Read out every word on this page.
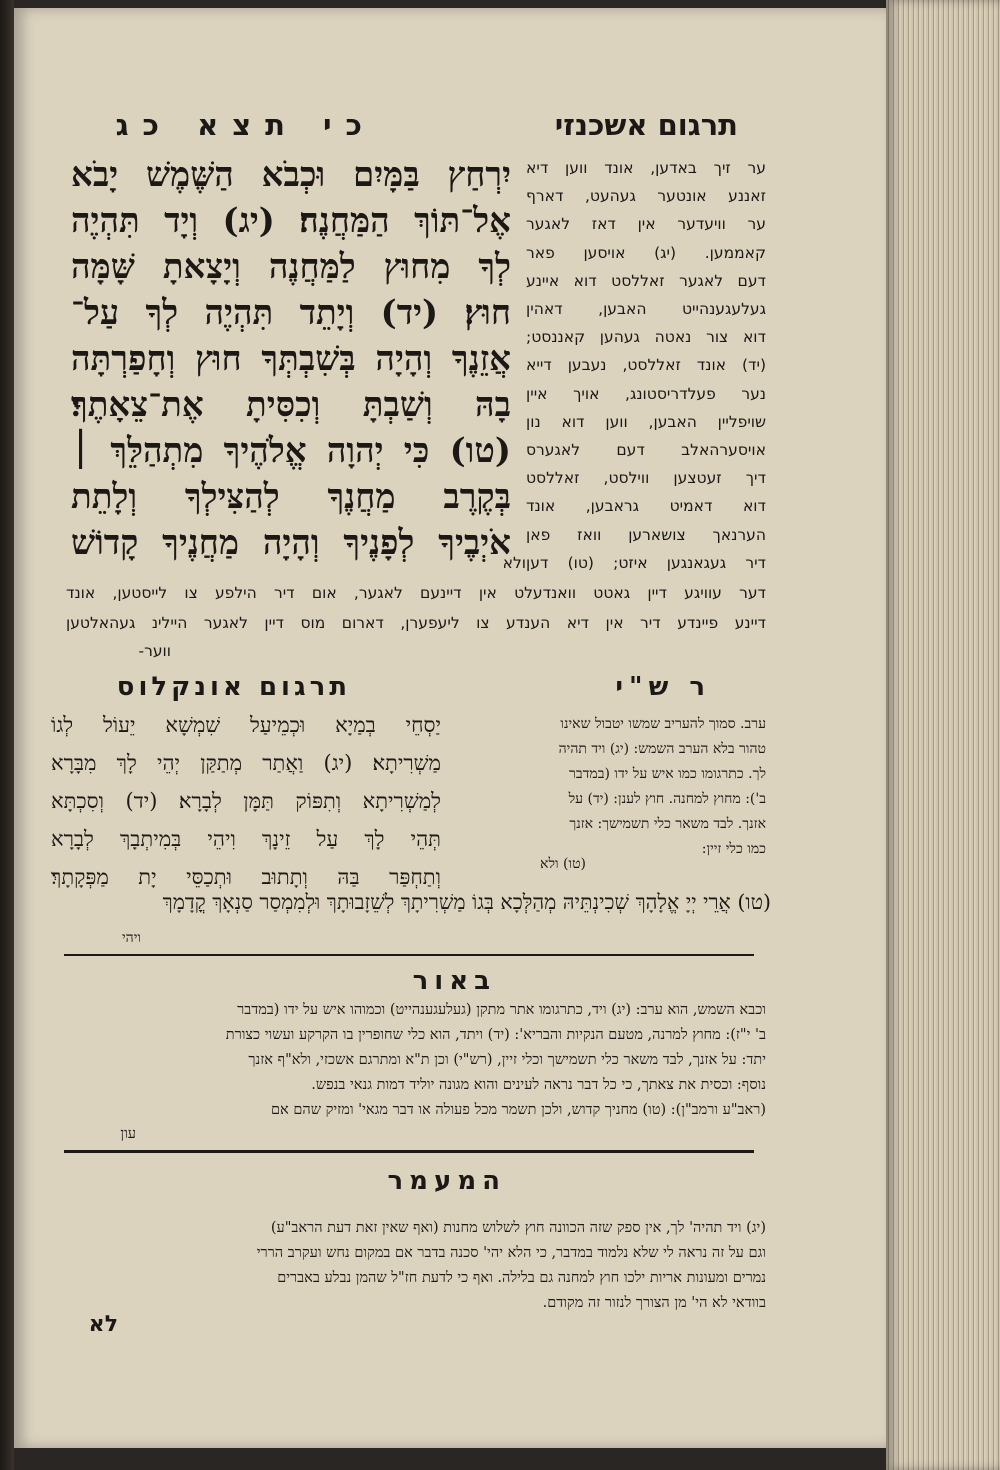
תרגום אשכנזי
כי תצא כג
ער זיך באדען, אונד ווען דיא
זאננע אונטער געהעט, דארף
ער וויעדער אין דאז לאגער
קאממען. (יג) אויסען פאר
דעם לאגער זאללסט דוא איינע
געלעגענהייט האבען, דאהין
דוא צור נאטה געהען קאננסט;
(יד) אונד זאללסט, נעבען דייא
נער פעלדריסטונג, אויך איין
שויפליין האבען, ווען דוא נון
אויסערהאלב דעם לאגערס
דיך זעטצען ווילסט, זאללסט
דוא דאמיט גראבען, אונד
הערנאך צושארען וואז פאן
דיר געגאנגען איזט; (טו) דען
יִרְחַץ בַּמָּיִם וּכְבֹא הַשֶּׁמֶשׁ יָבֹא
אֶל־תּוֹךְ הַמַּחֲנֶה׃ (יג) וְיָד תִּהְיֶה
לְךָ מִחוּץ לַמַּחֲנֶה וְיָצָאתָ שָּׁמָּה
חוּץ׃ (יד) וְיָתֵד תִּהְיֶה לְךָ עַל־
אֲזֵנֶךָ וְהָיָה בְּשִׁבְתְּךָ חוּץ וְחָפַרְתָּה
בָהּ וְשַׁבְתָּ וְכִסִּיתָ אֶת־צֵאָתֶךָ׃
(טו) כִּי יְהוָה אֱלֹהֶיךָ מִתְהַלֵּךְ ׀
בְּקֶרֶב מַחֲנֶךָ לְהַצִּילְךָ וְלָתֵת
אֹיְבֶיךָ לְפָנֶיךָ וְהָיָה מַחֲנֶיךָ קָדוֹשׁ
ולא
דער עוויגע דיין גאטט וואנדעלט אין דיינעם לאגער, אום דיר הילפע צו לייסטען, אונד
דיינע פיינדע דיר אין דיא הענדע צו ליעפערן, דארום מוס דיין לאגער היילינ געהאלטען
ווער-
ר ש"י
ערב. סמוך להעריב שמשו יטבול שאינו
טהור בלא הערב השמש: (יג) ויד תהיה
לך. כתרגומו כמו איש על ידו (במדבר
ב'): מחוץ למחנה. חוץ לענן: (יד) על
אזנך. לבד משאר כלי תשמישך: אזנך
כמו כלי זיין:
(טו) ולא
תרגום אונקלוס
יַסְחֵי בְמַיָא וּכְמֵיעַל שִׁמְשָׁא יֵעוֹל לְגוֹ
מַשְׁרִיתָא׃ (יג) וַאֲתַר מְתַקַּן יְהֵי לָךְ מִבָּרָא
לְמַשְׁרִיתָא וְתִפּוֹק תַּמָּן לְבָרָא׃ (יד) וְסִכְתָּא
תְּהֵי לָךְ עַל זֵינָךְ וִיהֵי בְּמִיתְבָךְ לְבָרָא
וְתַחְפַּר בַּהּ וְתָתוּב וּתְכַסֵּי יָת מַפְּקָתָךְ׃
(טו) אֲרֵי יְיָ אֱלָהָךְ שְׁכִינְתֵּיהּ מְהַלְּכָא בְּגוֹ מַשְׁרִיתָךְ לְשֵׁזָבוּתָךְ וּלְמִמְסַר סַנְאָךְ קֳדָמָךְ
ויהי
באור
וכבא השמש, הוא ערב: (יג) ויד, כתרגומו אתר מתקן (געלעגענהייט) וכמוהו איש על ידו (במדבר
ב' י"ז): מחוץ למרנה, מטעם הנקיות והבריא': (יד) ויתד, הוא כלי שחופרין בו הקרקע ועשוי כצורת
יתד: על אזנך, לבד משאר כלי תשמישך וכלי זיין, (רש"י) וכן ת"א ומתרגם אשכזי, ולא"ף אזנך
נוסף: וכסית את צאתך, כי כל דבר נראה לעינים והוא מגונה יוליד דמות גנאי בנפש.
(ראב"ע ורמב"ן): (טו) מחניך קדוש, ולכן תשמר מכל פעולה או דבר מגאי' ומזיק שהם אם
עון
המעמר
(יג) ויד תהיה' לך, אין ספק שזה הכוונה חוץ לשלוש מחנות (ואף שאין זאת דעת הראב"ע)
וגם על זה נראה לי שלא נלמוד במדבר, כי הלא יהי' סכנה בדבר אם במקום נחש ועקרב הררי
נמרים ומעונות אריות ילכו חוץ למחנה גם בלילה. ואף כי לדעת חז"ל שהמן נבלע באברים
בוודאי לא הי' מן הצורך לנזור זה מקודם.
לא
